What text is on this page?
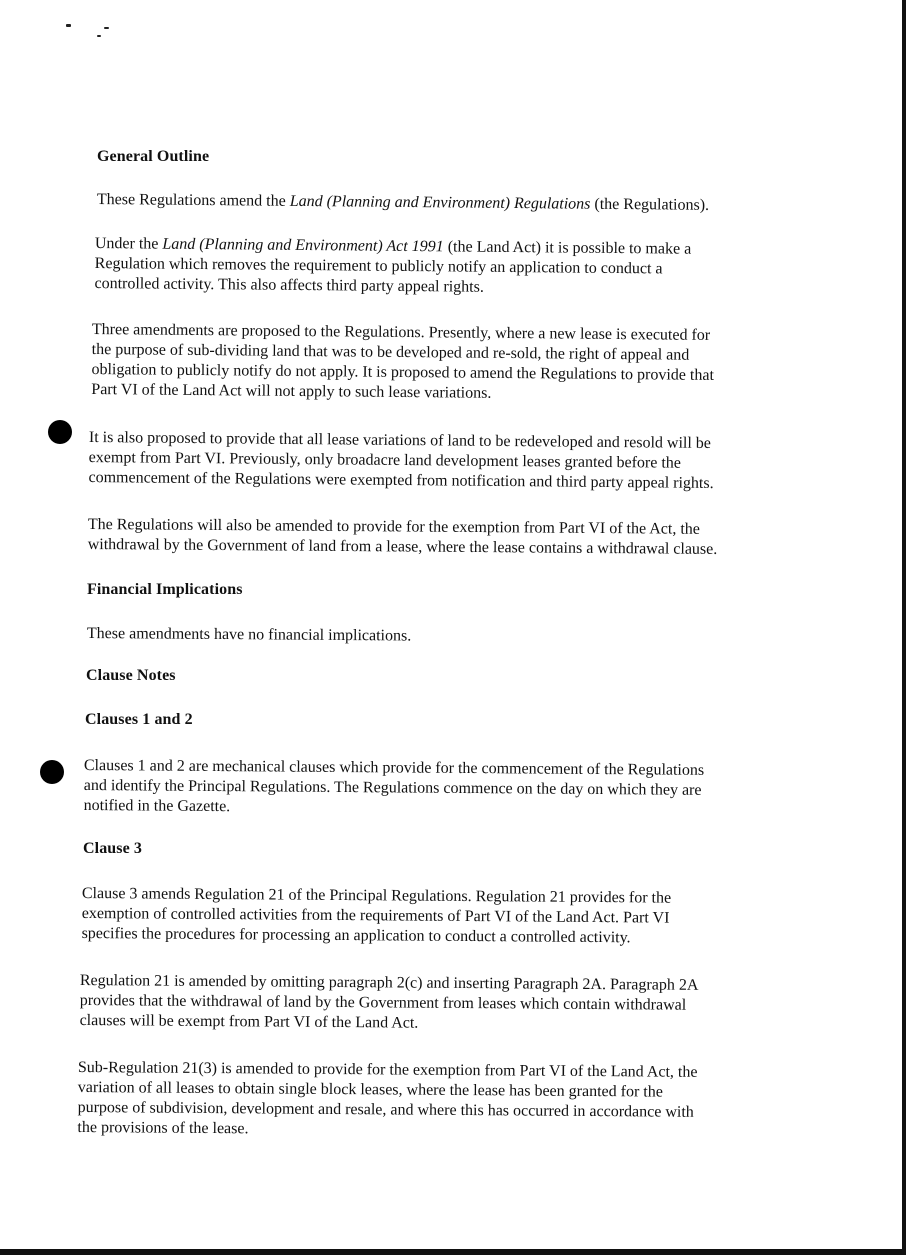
General Outline
These Regulations amend the Land (Planning and Environment) Regulations (the Regulations).
Under the Land (Planning and Environment) Act 1991 (the Land Act) it is possible to make a
Regulation which removes the requirement to publicly notify an application to conduct a
controlled activity. This also affects third party appeal rights.
Three amendments are proposed to the Regulations. Presently, where a new lease is executed for
the purpose of sub-dividing land that was to be developed and re-sold, the right of appeal and
obligation to publicly notify do not apply. It is proposed to amend the Regulations to provide that
Part VI of the Land Act will not apply to such lease variations.
It is also proposed to provide that all lease variations of land to be redeveloped and resold will be
exempt from Part VI. Previously, only broadacre land development leases granted before the
commencement of the Regulations were exempted from notification and third party appeal rights.
The Regulations will also be amended to provide for the exemption from Part VI of the Act, the
withdrawal by the Government of land from a lease, where the lease contains a withdrawal clause.
Financial Implications
These amendments have no financial implications.
Clause Notes
Clauses 1 and 2
Clauses 1 and 2 are mechanical clauses which provide for the commencement of the Regulations
and identify the Principal Regulations. The Regulations commence on the day on which they are
notified in the Gazette.
Clause 3
Clause 3 amends Regulation 21 of the Principal Regulations. Regulation 21 provides for the
exemption of controlled activities from the requirements of Part VI of the Land Act. Part VI
specifies the procedures for processing an application to conduct a controlled activity.
Regulation 21 is amended by omitting paragraph 2(c) and inserting Paragraph 2A. Paragraph 2A
provides that the withdrawal of land by the Government from leases which contain withdrawal
clauses will be exempt from Part VI of the Land Act.
Sub-Regulation 21(3) is amended to provide for the exemption from Part VI of the Land Act, the
variation of all leases to obtain single block leases, where the lease has been granted for the
purpose of subdivision, development and resale, and where this has occurred in accordance with
the provisions of the lease.
